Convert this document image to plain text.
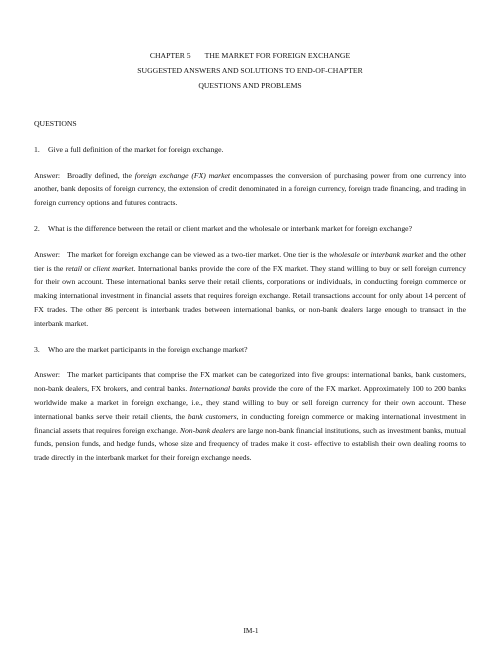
CHAPTER 5 THE MARKET FOR FOREIGN EXCHANGE
SUGGESTED ANSWERS AND SOLUTIONS TO END-OF-CHAPTER
QUESTIONS AND PROBLEMS
QUESTIONS
1. Give a full definition of the market for foreign exchange.
Answer: Broadly defined, the foreign exchange (FX) market encompasses the conversion of purchasing power from one currency into another, bank deposits of foreign currency, the extension of credit denominated in a foreign currency, foreign trade financing, and trading in foreign currency options and futures contracts.
2. What is the difference between the retail or client market and the wholesale or interbank market for foreign exchange?
Answer: The market for foreign exchange can be viewed as a two-tier market. One tier is the wholesale or interbank market and the other tier is the retail or client market. International banks provide the core of the FX market. They stand willing to buy or sell foreign currency for their own account. These international banks serve their retail clients, corporations or individuals, in conducting foreign commerce or making international investment in financial assets that requires foreign exchange. Retail transactions account for only about 14 percent of FX trades. The other 86 percent is interbank trades between international banks, or non-bank dealers large enough to transact in the interbank market.
3. Who are the market participants in the foreign exchange market?
Answer: The market participants that comprise the FX market can be categorized into five groups: international banks, bank customers, non-bank dealers, FX brokers, and central banks. International banks provide the core of the FX market. Approximately 100 to 200 banks worldwide make a market in foreign exchange, i.e., they stand willing to buy or sell foreign currency for their own account. These international banks serve their retail clients, the bank customers, in conducting foreign commerce or making international investment in financial assets that requires foreign exchange. Non-bank dealers are large non-bank financial institutions, such as investment banks, mutual funds, pension funds, and hedge funds, whose size and frequency of trades make it cost- effective to establish their own dealing rooms to trade directly in the interbank market for their foreign exchange needs.
IM-1
